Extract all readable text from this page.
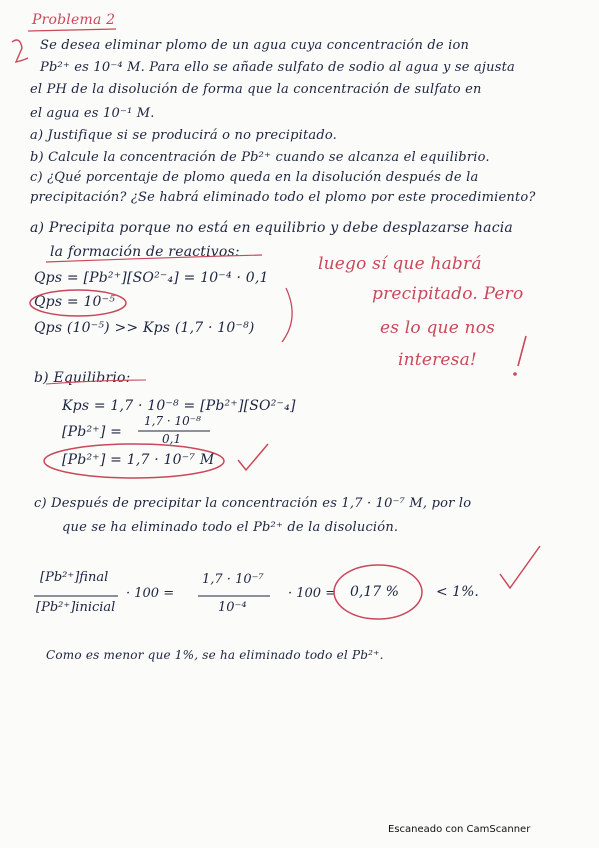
Problema 2
Se desea eliminar plomo de un agua cuya concentración de ion
Pb²⁺ es 10⁻⁴ M. Para ello se añade sulfato de sodio al agua y se ajusta
el PH de la disolución de forma que la concentración de sulfato en
el agua es 10⁻¹ M.
a) Justifique si se producirá o no precipitado.
b) Calcule la concentración de Pb²⁺ cuando se alcanza el equilibrio.
c) ¿Qué porcentaje de plomo queda en la disolución después de la
precipitación? ¿Se habrá eliminado todo el plomo por este procedimiento?
a) Precipita porque no está en equilibrio y debe desplazarse hacia
la formación de reactivos:
Qps = [Pb²⁺][SO²⁻₄] = 10⁻⁴ · 0,1
Qps = 10⁻⁵
Qps (10⁻⁵) >> Kps (1,7 · 10⁻⁸)
luego sí que habrá
precipitado. Pero
es lo que nos
interesa!
b) Equilibrio:
Kps = 1,7 · 10⁻⁸ = [Pb²⁺][SO²⁻₄]
[Pb²⁺] =
1,7 · 10⁻⁸
0,1
[Pb²⁺] = 1,7 · 10⁻⁷ M
c) Después de precipitar la concentración es 1,7 · 10⁻⁷ M, por lo
que se ha eliminado todo el Pb²⁺ de la disolución.
[Pb²⁺]final
[Pb²⁺]inicial
· 100 =
1,7 · 10⁻⁷
10⁻⁴
· 100 = 0,17 %	< 1%.
Como es menor que 1%, se ha eliminado todo el Pb²⁺.
Escaneado con CamScanner
